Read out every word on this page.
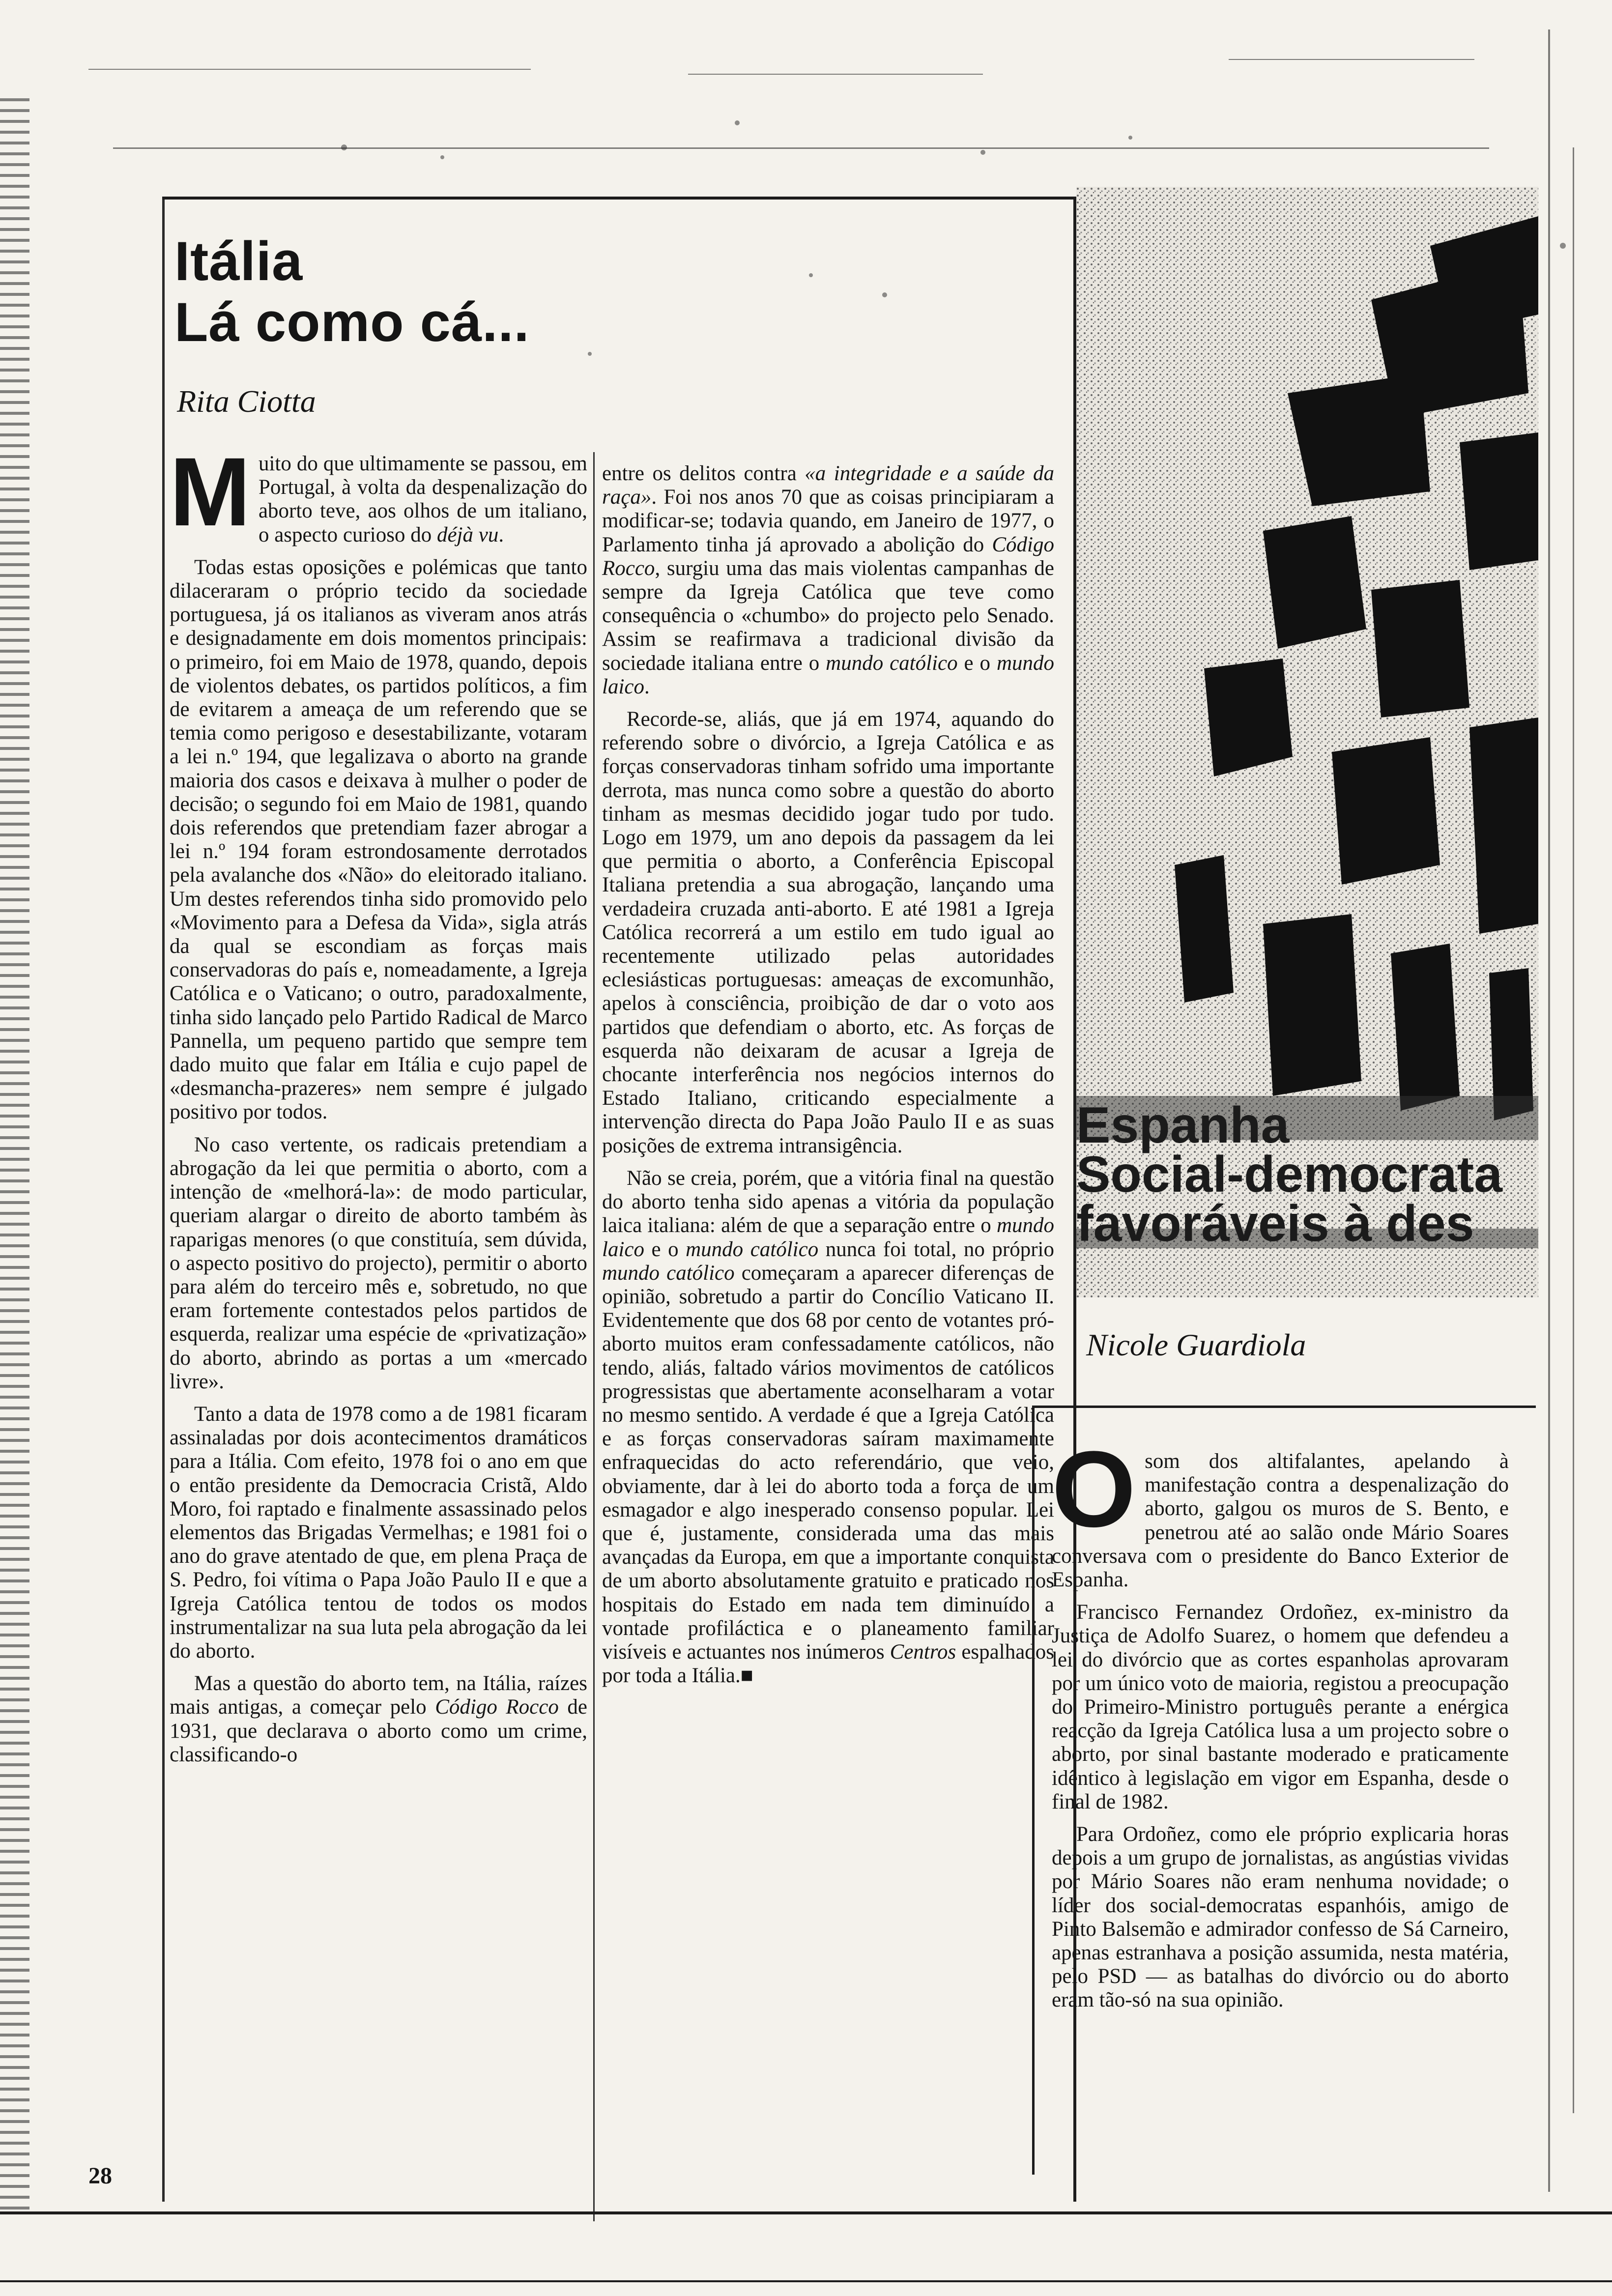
Itália
Lá como cá...
Rita Ciotta

Muito do que ultimamente se passou, em Portugal, à volta da despenalização do aborto teve, aos olhos de um italiano, o aspecto curioso do déjà vu.

Todas estas oposições e polémicas que tanto dilaceraram o próprio tecido da sociedade portuguesa, já os italianos as viveram anos atrás e designadamente em dois momentos principais: o primeiro, foi em Maio de 1978, quando, depois de violentos debates, os partidos políticos, a fim de evitarem a ameaça de um referendo que se temia como perigoso e desestabilizante, votaram a lei n.º 194, que legalizava o aborto na grande maioria dos casos e deixava à mulher o poder de decisão; o segundo foi em Maio de 1981, quando dois referendos que pretendiam fazer abrogar a lei n.º 194 foram estrondosamente derrotados pela avalanche dos «Não» do eleitorado italiano. Um destes referendos tinha sido promovido pelo «Movimento para a Defesa da Vida», sigla atrás da qual se escondiam as forças mais conservadoras do país e, nomeadamente, a Igreja Católica e o Vaticano; o outro, paradoxalmente, tinha sido lançado pelo Partido Radical de Marco Pannella, um pequeno partido que sempre tem dado muito que falar em Itália e cujo papel de «desmancha-prazeres» nem sempre é julgado positivo por todos.

No caso vertente, os radicais pretendiam a abrogação da lei que permitia o aborto, com a intenção de «melhorá-la»: de modo particular, queriam alargar o direito de aborto também às raparigas menores (o que constituía, sem dúvida, o aspecto positivo do projecto), permitir o aborto para além do terceiro mês e, sobretudo, no que eram fortemente contestados pelos partidos de esquerda, realizar uma espécie de «privatização» do aborto, abrindo as portas a um «mercado livre».

Tanto a data de 1978 como a de 1981 ficaram assinaladas por dois acontecimentos dramáticos para a Itália. Com efeito, 1978 foi o ano em que o então presidente da Democracia Cristã, Aldo Moro, foi raptado e finalmente assassinado pelos elementos das Brigadas Vermelhas; e 1981 foi o ano do grave atentado de que, em plena Praça de S. Pedro, foi vítima o Papa João Paulo II e que a Igreja Católica tentou de todos os modos instrumentalizar na sua luta pela abrogação da lei do aborto.

Mas a questão do aborto tem, na Itália, raízes mais antigas, a começar pelo Código Rocco de 1931, que declarava o aborto como um crime, classificando-o

entre os delitos contra «a integridade e a saúde da raça». Foi nos anos 70 que as coisas principiaram a modificar-se; todavia quando, em Janeiro de 1977, o Parlamento tinha já aprovado a abolição do Código Rocco, surgiu uma das mais violentas campanhas de sempre da Igreja Católica que teve como consequência o «chumbo» do projecto pelo Senado. Assim se reafirmava a tradicional divisão da sociedade italiana entre o mundo católico e o mundo laico.

Recorde-se, aliás, que já em 1974, aquando do referendo sobre o divórcio, a Igreja Católica e as forças conservadoras tinham sofrido uma importante derrota, mas nunca como sobre a questão do aborto tinham as mesmas decidido jogar tudo por tudo. Logo em 1979, um ano depois da passagem da lei que permitia o aborto, a Conferência Episcopal Italiana pretendia a sua abrogação, lançando uma verdadeira cruzada anti-aborto. E até 1981 a Igreja Católica recorrerá a um estilo em tudo igual ao recentemente utilizado pelas autoridades eclesiásticas portuguesas: ameaças de excomunhão, apelos à consciência, proibição de dar o voto aos partidos que defendiam o aborto, etc. As forças de esquerda não deixaram de acusar a Igreja de chocante interferência nos negócios internos do Estado Italiano, criticando especialmente a intervenção directa do Papa João Paulo II e as suas posições de extrema intransigência.

Não se creia, porém, que a vitória final na questão do aborto tenha sido apenas a vitória da população laica italiana: além de que a separação entre o mundo laico e o mundo católico nunca foi total, no próprio mundo católico começaram a aparecer diferenças de opinião, sobretudo a partir do Concílio Vaticano II. Evidentemente que dos 68 por cento de votantes pró-aborto muitos eram confessadamente católicos, não tendo, aliás, faltado vários movimentos de católicos progressistas que abertamente aconselharam a votar no mesmo sentido. A verdade é que a Igreja Católica e as forças conservadoras saíram maximamente enfraquecidas do acto referendário, que veio, obviamente, dar à lei do aborto toda a força de um esmagador e algo inesperado consenso popular. Lei que é, justamente, considerada uma das mais avançadas da Europa, em que a importante conquista de um aborto absolutamente gratuito e praticado nos hospitais do Estado em nada tem diminuído a vontade profiláctica e o planeamento familiar visíveis e actuantes nos inúmeros Centros espalhados por toda a Itália.■

Espanha
Social-democrata
favoráveis à des
Nicole Guardiola

Osom dos altifalantes, apelando à manifestação contra a despenalização do aborto, galgou os muros de S. Bento, e penetrou até ao salão onde Mário Soares conversava com o presidente do Banco Exterior de Espanha.

Francisco Fernandez Ordoñez, ex-ministro da Justiça de Adolfo Suarez, o homem que defendeu a lei do divórcio que as cortes espanholas aprovaram por um único voto de maioria, registou a preocupação do Primeiro-Ministro português perante a enérgica reacção da Igreja Católica lusa a um projecto sobre o aborto, por sinal bastante moderado e praticamente idêntico à legislação em vigor em Espanha, desde o final de 1982.

Para Ordoñez, como ele próprio explicaria horas depois a um grupo de jornalistas, as angústias vividas por Mário Soares não eram nenhuma novidade; o líder dos social-democratas espanhóis, amigo de Pinto Balsemão e admirador confesso de Sá Carneiro, apenas estranhava a posição assumida, nesta matéria, pelo PSD — as batalhas do divórcio ou do aborto eram tão-só na sua opinião.

28
